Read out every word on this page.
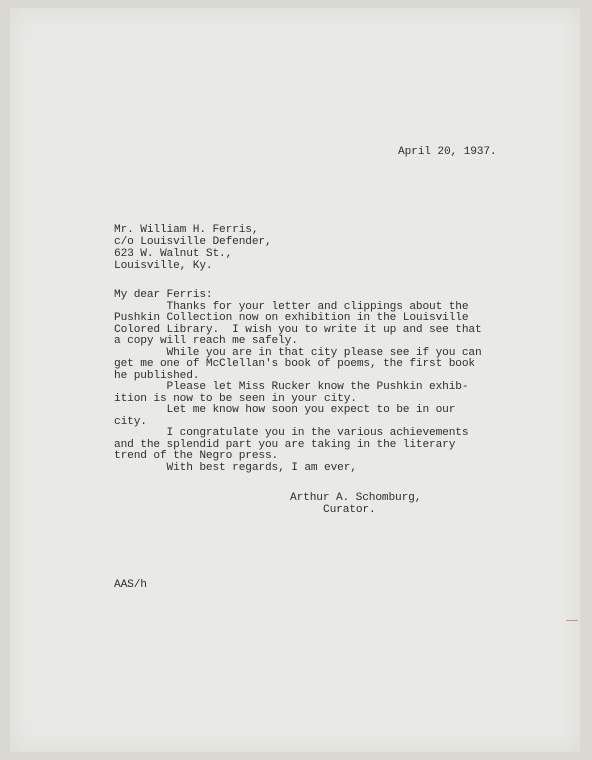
April 20, 1937.

Mr. William H. Ferris,

c/o Louisville Defender,

623 W. Walnut St.,

Louisville, Ky.

My dear Ferris:

Thanks for your letter and clippings about the

Pushkin Collection now on exhibition in the Louisville

Colored Library.  I wish you to write it up and see that

a copy will reach me safely.

While you are in that city please see if you can

get me one of McClellan's book of poems, the first book

he published.

Please let Miss Rucker know the Pushkin exhib-

ition is now to be seen in your city.

Let me know how soon you expect to be in our

city.

I congratulate you in the various achievements

and the splendid part you are taking in the literary

trend of the Negro press.

With best regards, I am ever,

Arthur A. Schomburg,

Curator.

AAS/h
